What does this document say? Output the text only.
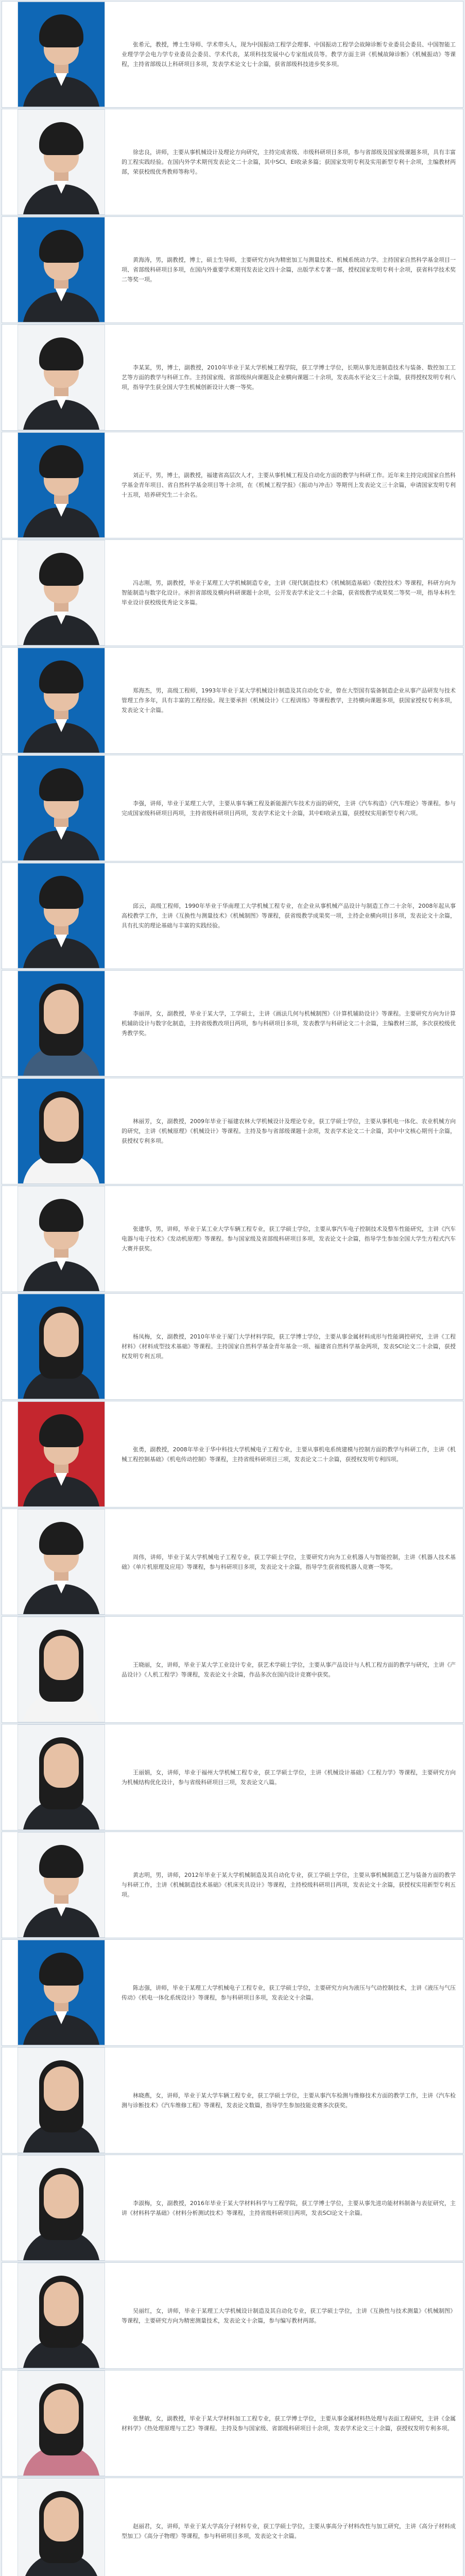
张希元，教授，博士生导师、学术带头人，现为中国振动工程学会理事、中国振动工程学会故障诊断专业委员会委员、中国智能工业理学学会电力学专业委员会委员、学术代表，某项科技发展中心专家组成员等。教学方面主讲《机械故障诊断》《机械振动》等课程，主持省部级以上科研项目多项，发表学术论文七十余篇，获省部级科技进步奖多项。

徐忠良，讲师，主要从事机械设计及理论方向研究，主持完成省级、市级科研项目多项，参与省部级及国家级课题多项，具有丰富的工程实践经验。在国内外学术期刊发表论文二十余篇，其中SCI、EI收录多篇；获国家发明专利及实用新型专利十余项，主编教材两部，荣获校级优秀教师等称号。

黄海涛，男，副教授，博士，硕士生导师，主要研究方向为精密加工与测量技术、机械系统动力学。主持国家自然科学基金项目一项、省部级科研项目多项，在国内外重要学术期刊发表论文四十余篇，出版学术专著一部，授权国家发明专利十余项，获省科学技术奖二等奖一项。

李某某，男，博士，副教授，2010年毕业于某大学机械工程学院，获工学博士学位，长期从事先进制造技术与装备、数控加工工艺等方面的教学与科研工作。主持国家级、省部级纵向课题及企业横向课题二十余项，发表高水平论文三十余篇，获得授权发明专利八项，指导学生获全国大学生机械创新设计大赛一等奖。

刘正平，男，博士，副教授，福建省高层次人才，主要从事机械工程及自动化方面的教学与科研工作。近年来主持完成国家自然科学基金青年项目、省自然科学基金项目等十余项，在《机械工程学报》《振动与冲击》等期刊上发表论文三十余篇，申请国家发明专利十五项，培养研究生二十余名。

冯志刚，男，副教授，毕业于某理工大学机械制造专业，主讲《现代制造技术》《机械制造基础》《数控技术》等课程，科研方向为智能制造与数字化设计。承担省部级及横向科研课题十余项，公开发表学术论文二十余篇，获省级教学成果奖二等奖一项，指导本科生毕业设计获校级优秀论文多篇。

郑海杰，男，高级工程师，1993年毕业于某大学机械设计制造及其自动化专业，曾在大型国有装备制造企业从事产品研发与技术管理工作多年，具有丰富的工程经验。现主要承担《机械设计》《工程训练》等课程教学，主持横向课题多项，获国家授权专利多项，发表论文十余篇。

李强，讲师，毕业于某理工大学，主要从事车辆工程及新能源汽车技术方面的研究，主讲《汽车构造》《汽车理论》等课程。参与完成国家级科研项目两项，主持省级科研项目两项，发表学术论文十余篇，其中EI收录五篇，获授权实用新型专利六项。

邱云，高级工程师，1990年毕业于华南理工大学机械工程专业，在企业从事机械产品设计与制造工作二十余年，2008年起从事高校教学工作，主讲《互换性与测量技术》《机械制图》等课程，获省级教学成果奖一项，主持企业横向项目多项，发表论文十余篇，具有扎实的理论基础与丰富的实践经验。

李丽萍，女，副教授，毕业于某大学，工学硕士，主讲《画法几何与机械制图》《计算机辅助设计》等课程。主要研究方向为计算机辅助设计与数字化制造，主持省级教改项目两项，参与科研项目多项，发表教学与科研论文二十余篇，主编教材三部，多次获校级优秀教学奖。

林丽芳，女，副教授，2009年毕业于福建农林大学机械设计及理论专业，获工学硕士学位，主要从事机电一体化、农业机械方向的研究，主讲《机械原理》《机械设计》等课程。主持及参与省部级课题十余项，发表学术论文二十余篇，其中中文核心期刊十余篇，获授权专利多项。

张建华，男，讲师，毕业于某工业大学车辆工程专业，获工学硕士学位，主要从事汽车电子控制技术及整车性能研究，主讲《汽车电器与电子技术》《发动机原理》等课程。参与国家级及省部级科研项目多项，发表论文十余篇，指导学生参加全国大学生方程式汽车大赛并获奖。

杨凤梅，女，副教授，2010年毕业于厦门大学材料学院，获工学博士学位，主要从事金属材料成形与性能调控研究，主讲《工程材料》《材料成型技术基础》等课程。主持国家自然科学基金青年基金一项、福建省自然科学基金两项，发表SCI论文二十余篇，获授权发明专利五项。

张勇，副教授，2008年毕业于华中科技大学机械电子工程专业，主要从事机电系统建模与控制方面的教学与科研工作，主讲《机械工程控制基础》《机电传动控制》等课程，主持省级科研项目三项，发表论文二十余篇，获授权发明专利四项。

周伟，讲师，毕业于某大学机械电子工程专业，获工学硕士学位，主要研究方向为工业机器人与智能控制，主讲《机器人技术基础》《单片机原理及应用》等课程，参与科研项目多项，发表论文十余篇，指导学生获省级机器人竞赛一等奖。

王晓丽，女，讲师，毕业于某大学工业设计专业，获艺术学硕士学位，主要从事产品设计与人机工程方面的教学与研究，主讲《产品设计》《人机工程学》等课程，发表论文十余篇，作品多次在国内设计竞赛中获奖。

王丽娟，女，讲师，毕业于福州大学机械工程专业，获工学硕士学位，主讲《机械设计基础》《工程力学》等课程，主要研究方向为机械结构优化设计，参与省级科研项目三项，发表论文八篇。

黄志明，男，讲师，2012年毕业于某大学机械制造及其自动化专业，获工学硕士学位，主要从事机械制造工艺与装备方面的教学与科研工作，主讲《机械制造技术基础》《机床夹具设计》等课程，主持校级科研项目两项，发表论文十余篇，获授权实用新型专利五项。

陈志强，讲师，毕业于某理工大学机械电子工程专业，获工学硕士学位，主要研究方向为液压与气动控制技术，主讲《液压与气压传动》《机电一体化系统设计》等课程，参与科研项目多项，发表论文十余篇。

林晓燕，女，讲师，毕业于某大学车辆工程专业，获工学硕士学位，主要从事汽车检测与维修技术方面的教学工作，主讲《汽车检测与诊断技术》《汽车维修工程》等课程，发表论文数篇，指导学生参加技能竞赛多次获奖。

李淑梅，女，副教授，2016年毕业于某大学材料科学与工程学院，获工学博士学位，主要从事先进功能材料制备与表征研究，主讲《材料科学基础》《材料分析测试技术》等课程，主持省级科研项目两项，发表SCI论文十余篇。

吴丽红，女，讲师，毕业于某理工大学机械设计制造及其自动化专业，获工学硕士学位，主讲《互换性与技术测量》《机械制图》等课程，主要研究方向为精密测量技术，发表论文十余篇，参与编写教材两部。

张慧敏，女，副教授，毕业于某大学材料加工工程专业，获工学博士学位，主要从事金属材料热处理与表面工程研究，主讲《金属材料学》《热处理原理与工艺》等课程。主持及参与国家级、省部级科研项目十余项，发表学术论文三十余篇，获授权发明专利多项。

赵丽君，女，讲师，毕业于某大学高分子材料专业，获工学硕士学位，主要从事高分子材料改性与加工研究，主讲《高分子材料成型加工》《高分子物理》等课程，参与科研项目多项，发表论文十余篇。
